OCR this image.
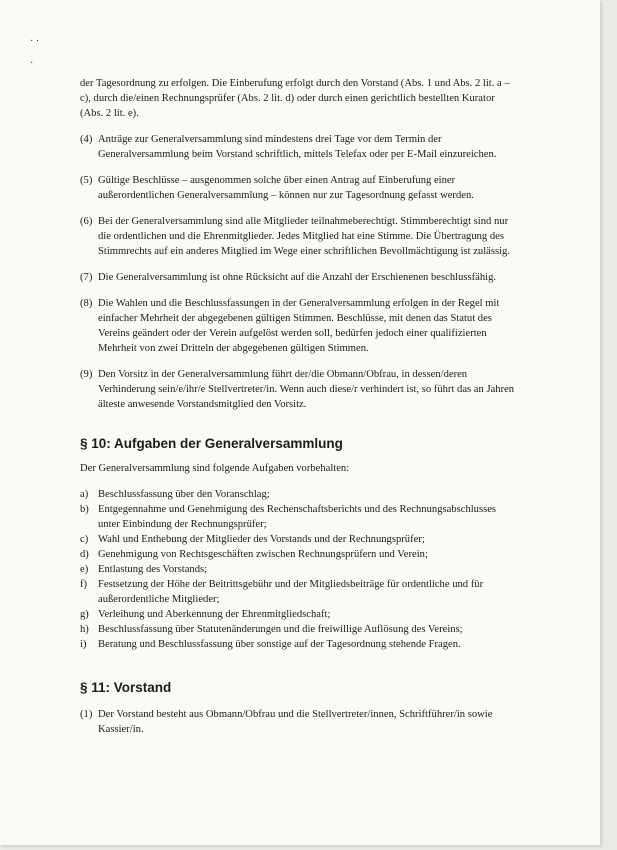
· ·

·

der Tagesordnung zu erfolgen. Die Einberufung erfolgt durch den Vorstand (Abs. 1 und Abs. 2 lit. a – c), durch die/einen Rechnungsprüfer (Abs. 2 lit. d) oder durch einen gerichtlich bestellten Kurator (Abs. 2 lit. e).

(4) Anträge zur Generalversammlung sind mindestens drei Tage vor dem Termin der Generalversammlung beim Vorstand schriftlich, mittels Telefax oder per E-Mail einzureichen.
(5) Gültige Beschlüsse – ausgenommen solche über einen Antrag auf Einberufung einer außerordentlichen Generalversammlung – können nur zur Tagesordnung gefasst werden.
(6) Bei der Generalversammlung sind alle Mitglieder teilnahmeberechtigt. Stimmberechtigt sind nur die ordentlichen und die Ehrenmitglieder. Jedes Mitglied hat eine Stimme. Die Übertragung des Stimmrechts auf ein anderes Mitglied im Wege einer schriftlichen Bevollmächtigung ist zulässig.
(7) Die Generalversammlung ist ohne Rücksicht auf die Anzahl der Erschienenen beschlussfähig.
(8) Die Wahlen und die Beschlussfassungen in der Generalversammlung erfolgen in der Regel mit einfacher Mehrheit der abgegebenen gültigen Stimmen. Beschlüsse, mit denen das Statut des Vereins geändert oder der Verein aufgelöst werden soll, bedürfen jedoch einer qualifizierten Mehrheit von zwei Dritteln der abgegebenen gültigen Stimmen.
(9) Den Vorsitz in der Generalversammlung führt der/die Obmann/Obfrau, in dessen/deren Verhinderung sein/e/ihr/e Stellvertreter/in. Wenn auch diese/r verhindert ist, so führt das an Jahren älteste anwesende Vorstandsmitglied den Vorsitz.
§ 10: Aufgaben der Generalversammlung

Der Generalversammlung sind folgende Aufgaben vorbehalten:

a) Beschlussfassung über den Voranschlag;
b) Entgegennahme und Genehmigung des Rechenschaftsberichts und des Rechnungsabschlusses unter Einbindung der Rechnungsprüfer;
c) Wahl und Enthebung der Mitglieder des Vorstands und der Rechnungsprüfer;
d) Genehmigung von Rechtsgeschäften zwischen Rechnungsprüfern und Verein;
e) Entlastung des Vorstands;
f)	Festsetzung der Höhe der Beitrittsgebühr und der Mitgliedsbeiträge für ordentliche und für außerordentliche Mitglieder;
g) Verleihung und Aberkennung der Ehrenmitgliedschaft;
h) Beschlussfassung über Statutenänderungen und die freiwillige Auflösung des Vereins;
i)	Beratung und Beschlussfassung über sonstige auf der Tagesordnung stehende Fragen.
§ 11: Vorstand
(1) Der Vorstand besteht aus Obmann/Obfrau und die Stellvertreter/innen, Schriftführer/in sowie Kassier/in.
